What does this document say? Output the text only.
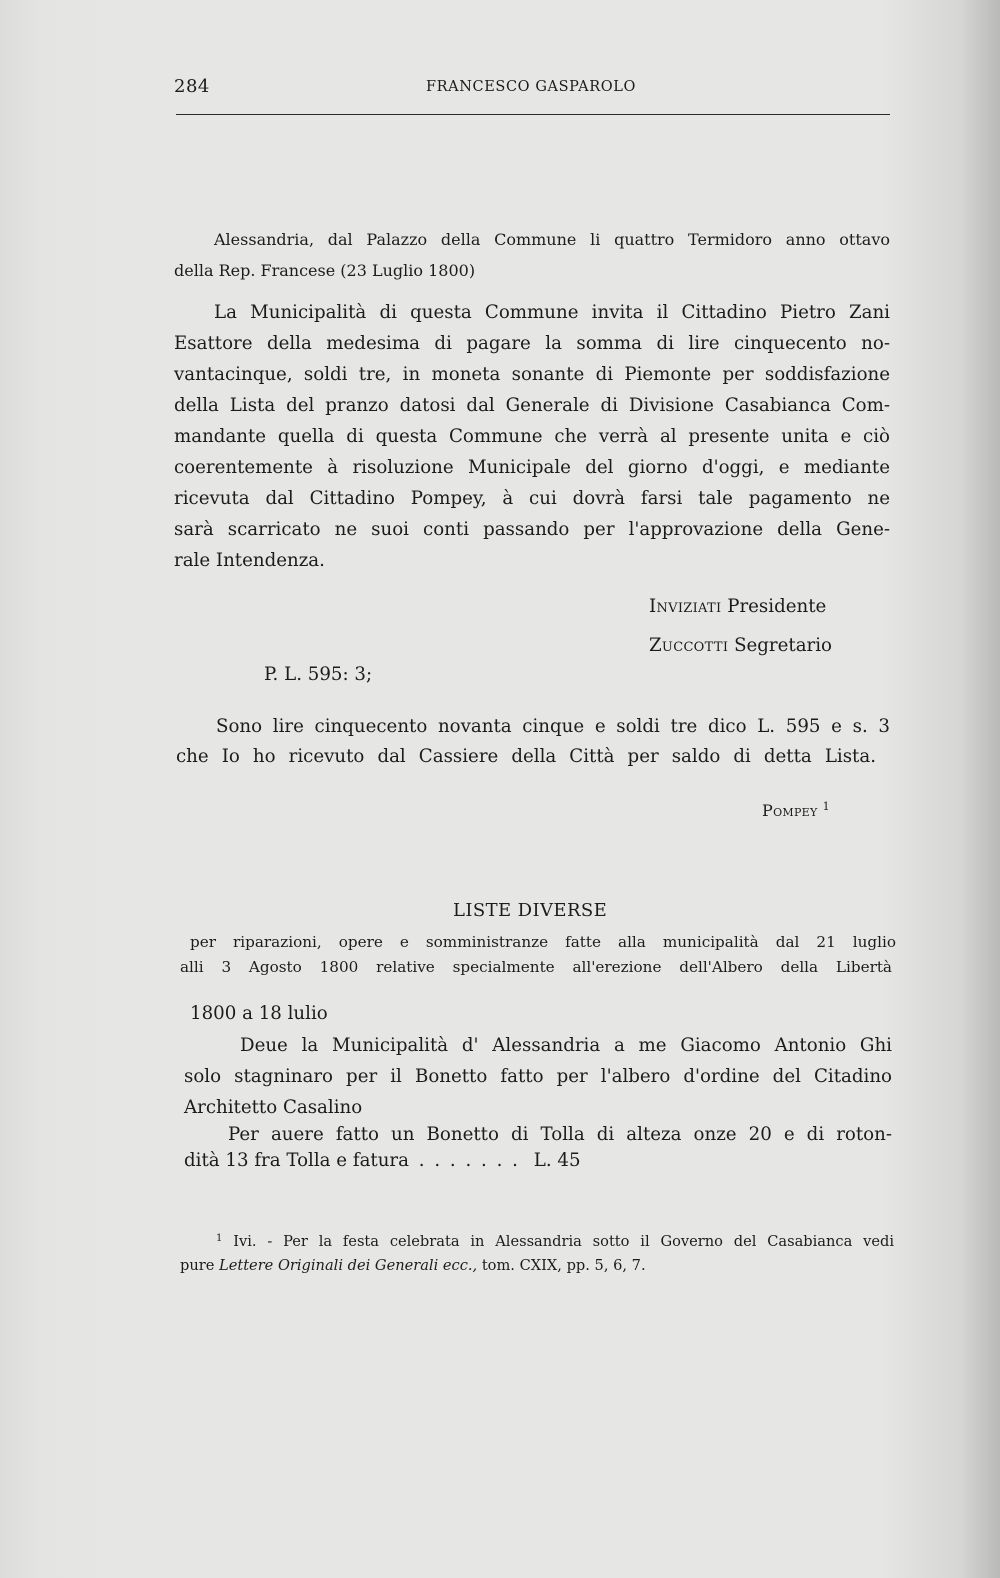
284	FRANCESCO GASPAROLO
Alessandria, dal Palazzo della Commune li quattro Termidoro anno ottavo
della Rep. Francese (23 Luglio 1800)
La Municipalità di questa Commune invita il Cittadino Pietro Zani
Esattore della medesima di pagare la somma di lire cinquecento no-
vantacinque, soldi tre, in moneta sonante di Piemonte per soddisfazione
della Lista del pranzo datosi dal Generale di Divisione Casabianca Com-
mandante quella di questa Commune che verrà al presente unita e ciò
coerentemente à risoluzione Municipale del giorno d'oggi, e mediante
ricevuta dal Cittadino Pompey, à cui dovrà farsi tale pagamento ne
sarà scarricato ne suoi conti passando per l'approvazione della Gene-
rale Intendenza.
Inviziati Presidente
Zuccotti Segretario
P. L. 595: 3;
Sono lire cinquecento novanta cinque e soldi tre dico L. 595 e s. 3
che Io ho ricevuto dal Cassiere della Città per saldo di detta Lista.
Pompey $^1$
LISTE DIVERSE
per riparazioni, opere e somministranze fatte alla municipalità dal 21 luglio
alli 3 Agosto 1800 relative specialmente all'erezione dell'Albero della Libertà
1800 a 18 lulio
Deue la Municipalità d' Alessandria a me Giacomo Antonio Ghi
solo stagninaro per il Bonetto fatto per l'albero d'ordine del Citadino
Architetto Casalino
Per auere fatto un Bonetto di Tolla di alteza onze 20 e di roton-
dità 13 fra Tolla e fatura . . . . . . . L. 45
$^1$ Ivi. - Per la festa celebrata in Alessandria sotto il Governo del Casabianca vedi
pure Lettere Originali dei Generali ecc., tom. CXIX, pp. 5, 6, 7.
